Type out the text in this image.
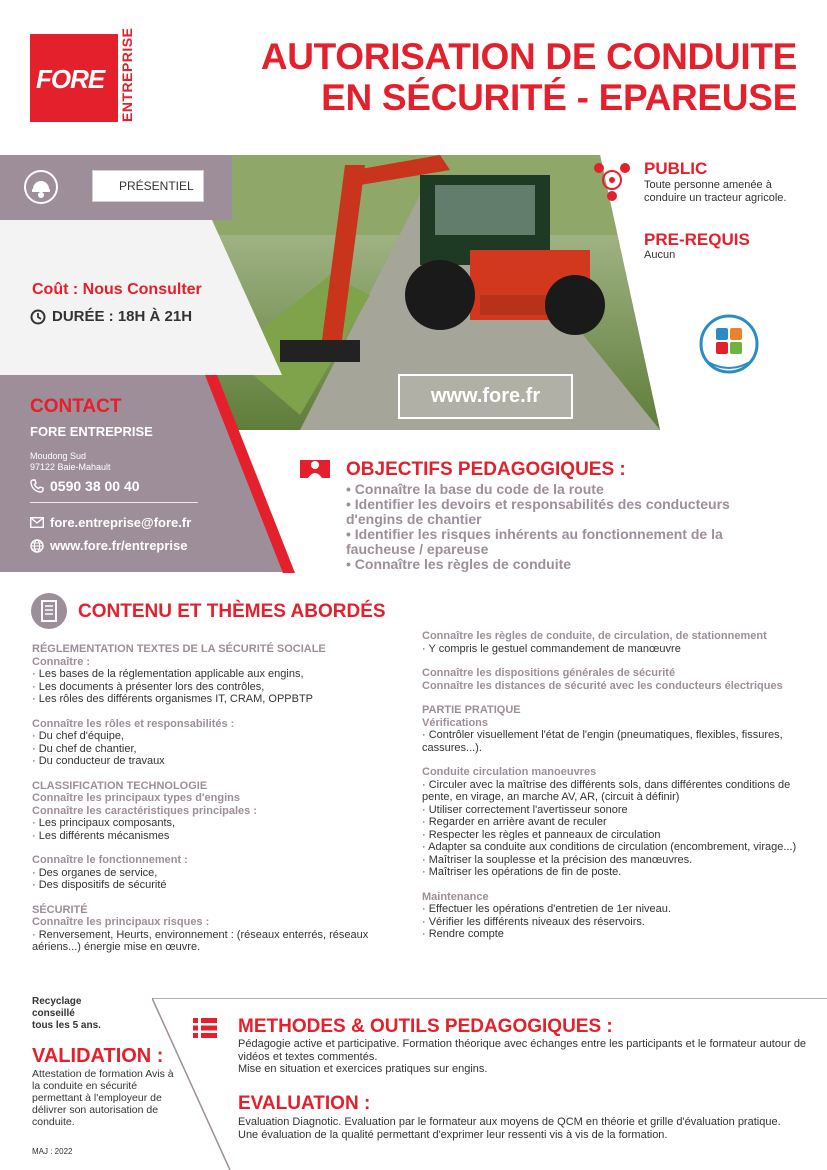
FORE ENTREPRISE	AUTORISATION DE CONDUITE
EN SÉCURITÉ - EPAREUSE
PRÉSENTIEL
Coût : Nous Consulter
DURÉE : 18H À 21H
www.fore.fr
CONTACT
FORE ENTREPRISE
Moudong Sud
97122 Baie-Mahault
0590 38 00 40
fore.entreprise@fore.fr
www.fore.fr/entreprise
PUBLIC
Toute personne amenée à conduire un tracteur agricole.
PRE-REQUIS
Aucun
OBJECTIFS PEDAGOGIQUES :
• Connaître la base du code de la route
• Identifier les devoirs et responsabilités des conducteurs d'engins de chantier
• Identifier les risques inhérents au fonctionnement de la faucheuse / epareuse
• Connaître les règles de conduite
CONTENU ET THÈMES ABORDÉS
RÉGLEMENTATION TEXTES DE LA SÉCURITÉ SOCIALE
Connaître :
· Les bases de la réglementation applicable aux engins,
· Les documents à présenter lors des contrôles,
· Les rôles des différents organismes IT, CRAM, OPPBTP
Connaître les rôles et responsabilités :
· Du chef d'équipe,
· Du chef de chantier,
· Du conducteur de travaux
CLASSIFICATION TECHNOLOGIE
Connaître les principaux types d'engins
Connaître les caractéristiques principales :
· Les principaux composants,
· Les différents mécanismes
Connaître le fonctionnement :
· Des organes de service,
· Des dispositifs de sécurité
SÉCURITÉ
Connaître les principaux risques :
· Renversement, Heurts, environnement : (réseaux enterrés, réseaux aériens...) énergie mise en œuvre.
Connaître les règles de conduite, de circulation, de stationnement
· Y compris le gestuel commandement de manœuvre
Connaître les dispositions générales de sécurité
Connaître les distances de sécurité avec les conducteurs électriques
PARTIE PRATIQUE
Vérifications
· Contrôler visuellement l'état de l'engin (pneumatiques, flexibles, fissures, cassures...).
Conduite circulation manoeuvres
· Circuler avec la maîtrise des différents sols, dans différentes conditions de pente, en virage, an marche AV, AR, (circuit à définir)
· Utiliser correctement l'avertisseur sonore
· Regarder en arrière avant de reculer
· Respecter les règles et panneaux de circulation
· Adapter sa conduite aux conditions de circulation (encombrement, virage...)
· Maîtriser la souplesse et la précision des manœuvres.
· Maîtriser les opérations de fin de poste.
Maintenance
· Effectuer les opérations d'entretien de 1er niveau.
· Vérifier les différents niveaux des réservoirs.
· Rendre compte
Recyclage
conseillé
tous les 5 ans.
VALIDATION :
Attestation de formation Avis à la conduite en sécurité permettant à l'employeur de délivrer son autorisation de conduite.
MAJ : 2022
METHODES & OUTILS PEDAGOGIQUES :
Pédagogie active et participative. Formation théorique avec échanges entre les participants et le formateur autour de vidéos et textes commentés.
Mise en situation et exercices pratiques sur engins.
EVALUATION :
Evaluation Diagnotic. Evaluation par le formateur aux moyens de QCM en théorie et grille d'évaluation pratique. Une évaluation de la qualité permettant d'exprimer leur ressenti vis à vis de la formation.
